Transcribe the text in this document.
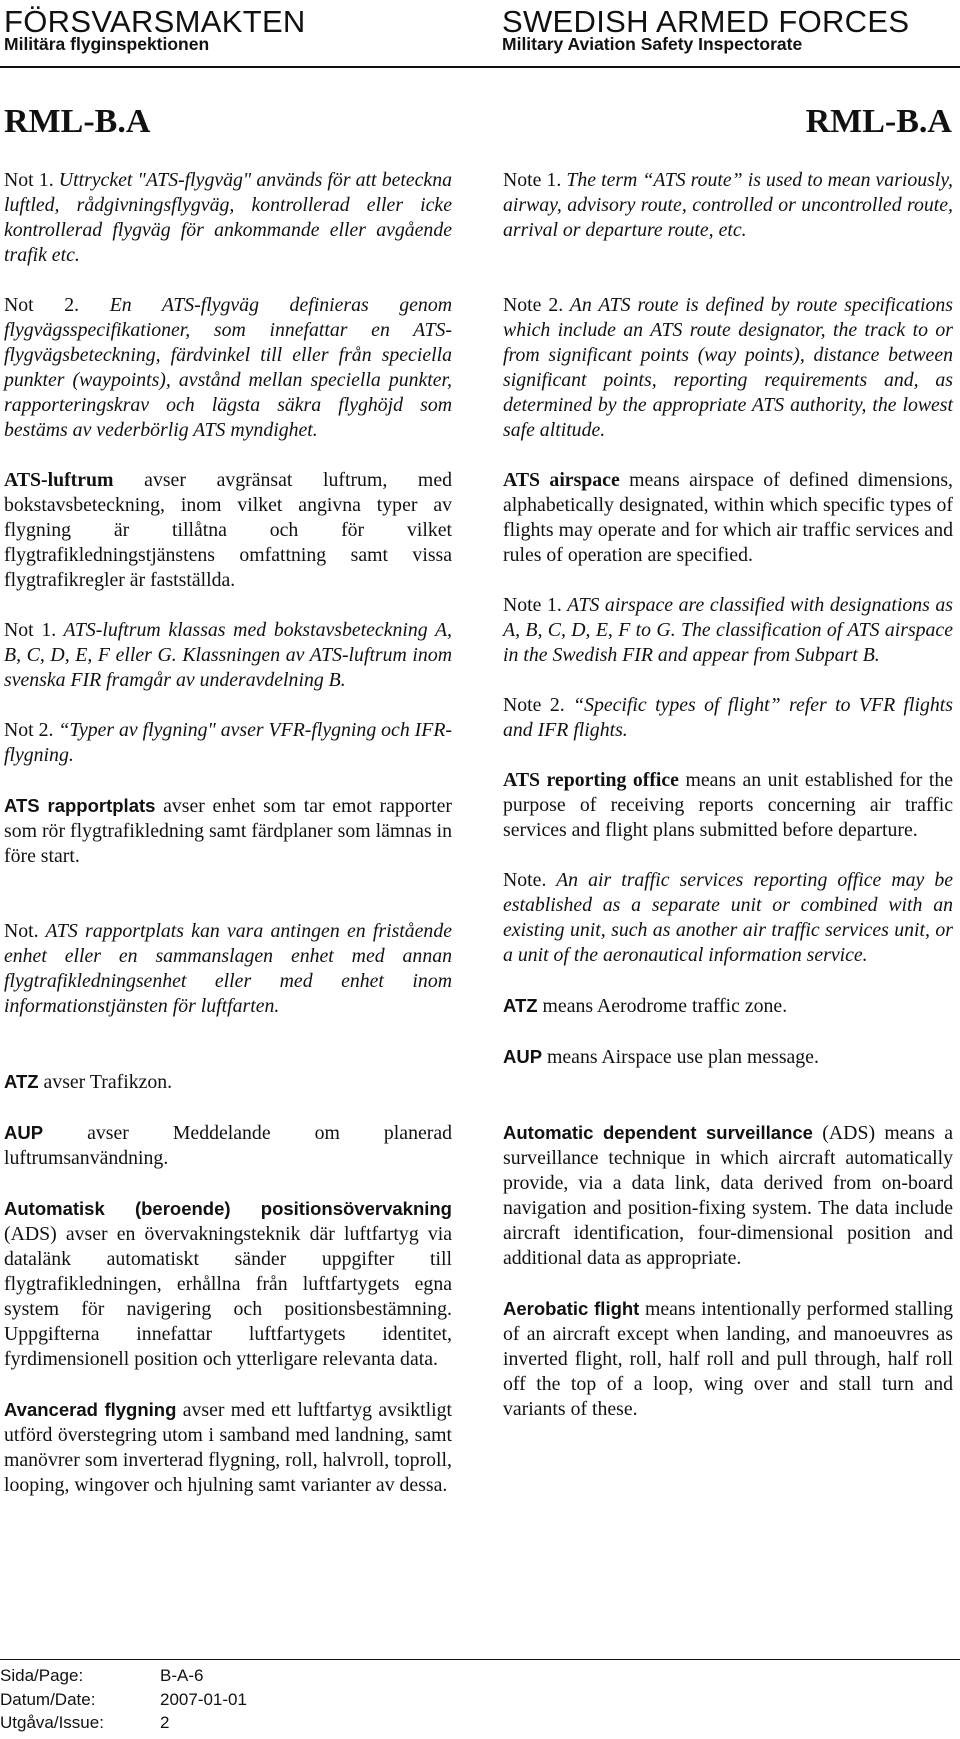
FÖRSVARSMAKTEN
Militära flyginspektionen
SWEDISH ARMED FORCES
Military Aviation Safety Inspectorate
RML-B.A	RML-B.A

Not 1. Uttrycket "ATS-flygväg" används för att beteckna luftled, rådgivningsflygväg, kontrollerad eller icke kontrollerad flygväg för ankommande eller avgående trafik etc.

Not 2. En ATS-flygväg definieras genom flygvägsspecifikationer, som innefattar en ATS-flygvägsbeteckning, färdvinkel till eller från speciella punkter (waypoints), avstånd mellan speciella punkter, rapporteringskrav och lägsta säkra flyghöjd som bestäms av vederbörlig ATS myndighet.

ATS-luftrum avser avgränsat luftrum, med bokstavsbeteckning, inom vilket angivna typer av flygning är tillåtna och för vilket flygtrafikledningstjänstens omfattning samt vissa flygtrafikregler är fastställda.

Not 1. ATS-luftrum klassas med bokstavsbeteckning A, B, C, D, E, F eller G. Klassningen av ATS-luftrum inom svenska FIR framgår av underavdelning B.

Not 2. “Typer av flygning" avser VFR-flygning och IFR-flygning.

ATS rapportplats avser enhet som tar emot rapporter som rör flygtrafikledning samt färdplaner som lämnas in före start.

Not. ATS rapportplats kan vara antingen en fristående enhet eller en sammanslagen enhet med annan flygtrafikledningsenhet eller med enhet inom informationstjänsten för luftfarten.

ATZ avser Trafikzon.

AUP avser Meddelande om planerad luftrumsanvändning.

Automatisk (beroende) positionsövervakning (ADS) avser en övervakningsteknik där luftfartyg via datalänk automatiskt sänder uppgifter till flygtrafikledningen, erhållna från luftfartygets egna system för navigering och positionsbestämning. Uppgifterna innefattar luftfartygets identitet, fyrdimensionell position och ytterligare relevanta data.

Avancerad flygning avser med ett luftfartyg avsiktligt utförd överstegring utom i samband med landning, samt manövrer som inverterad flygning, roll, halvroll, toproll, looping, wingover och hjulning samt varianter av dessa.

Note 1. The term “ATS route” is used to mean variously, airway, advisory route, controlled or uncontrolled route, arrival or departure route, etc.

Note 2. An ATS route is defined by route specifications which include an ATS route designator, the track to or from significant points (way points), distance between significant points, reporting requirements and, as determined by the appropriate ATS authority, the lowest safe altitude.

ATS airspace means airspace of defined dimensions, alphabetically designated, within which specific types of flights may operate and for which air traffic services and rules of operation are specified.

Note 1. ATS airspace are classified with designations as A, B, C, D, E, F to G. The classification of ATS airspace in the Swedish FIR and appear from Subpart B.

Note 2. “Specific types of flight” refer to VFR flights and IFR flights.

ATS reporting office means an unit established for the purpose of receiving reports concerning air traffic services and flight plans submitted before departure.

Note. An air traffic services reporting office may be established as a separate unit or combined with an existing unit, such as another air traffic services unit, or a unit of the aeronautical information service.

ATZ means Aerodrome traffic zone.

AUP means Airspace use plan message.

Automatic dependent surveillance (ADS) means a surveillance technique in which aircraft automatically provide, via a data link, data derived from on-board navigation and position-fixing system. The data include aircraft identification, four-dimensional position and additional data as appropriate.

Aerobatic flight means intentionally performed stalling of an aircraft except when landing, and manoeuvres as inverted flight, roll, half roll and pull through, half roll off the top of a loop, wing over and stall turn and variants of these.

Sida/Page:	B-A-6
Datum/Date:	2007-01-01
Utgåva/Issue:	2
